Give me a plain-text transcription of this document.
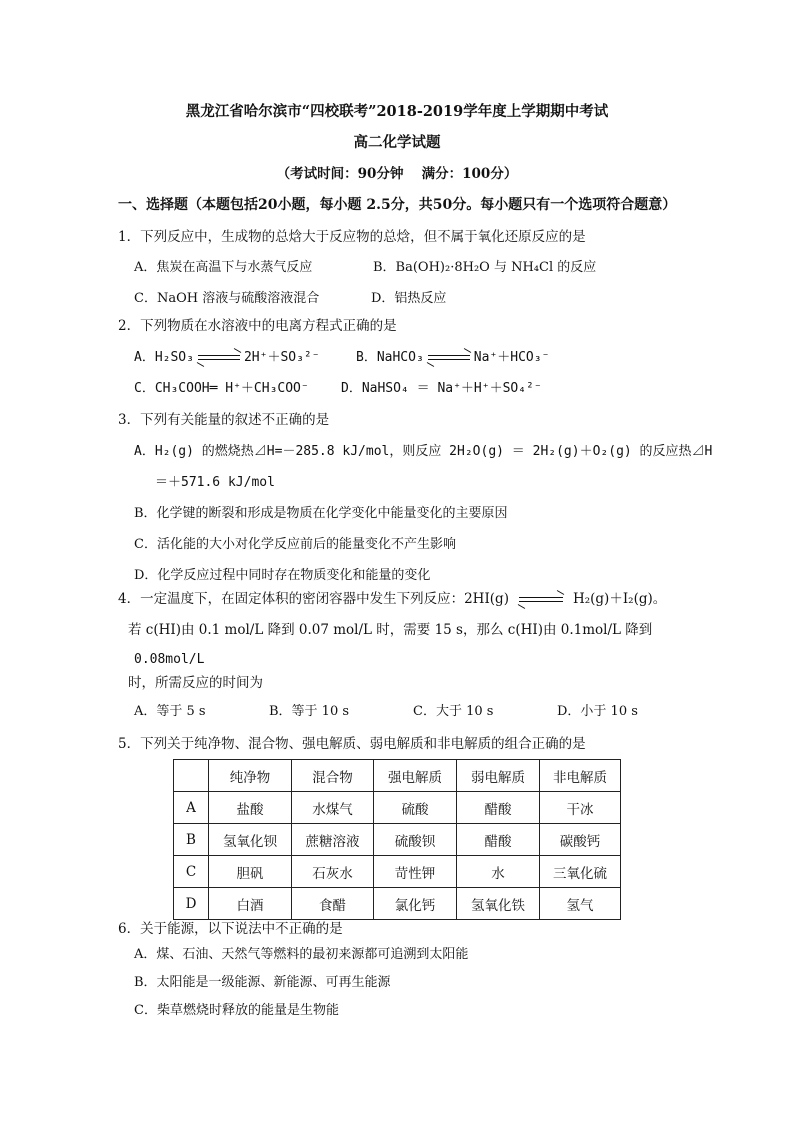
黑龙江省哈尔滨市“四校联考”2018-2019学年度上学期期中考试
高二化学试题
（考试时间：90分钟　 满分：100分）
一、选择题（本题包括20小题，每小题 2.5分，共50分。每小题只有一个选项符合题意）
1．下列反应中，生成物的总焓大于反应物的总焓，但不属于氧化还原反应的是
A．焦炭在高温下与水蒸气反应	B．Ba(OH)₂·8H₂O 与 NH₄Cl 的反应
C．NaOH 溶液与硫酸溶液混合	D．铝热反应
2．下列物质在水溶液中的电离方程式正确的是
A．H₂SO₃	2H⁺＋SO₃²⁻	B．NaHCO₃	Na⁺＋HCO₃⁻
C．CH₃COOH═ H⁺＋CH₃COO⁻ D．NaHSO₄ ＝ Na⁺＋H⁺＋SO₄²⁻
3．下列有关能量的叙述不正确的是
A．H₂(g) 的燃烧热⊿H=－285.8 kJ/mol，则反应 2H₂O(g) ＝ 2H₂(g)＋O₂(g) 的反应热⊿H
＝＋571.6 kJ/mol
B．化学键的断裂和形成是物质在化学变化中能量变化的主要原因
C．活化能的大小对化学反应前后的能量变化不产生影响
D．化学反应过程中同时存在物质变化和能量的变化
4．一定温度下，在固定体积的密闭容器中发生下列反应：2HI(g)	H₂(g)＋I₂(g)。
若 c(HI)由 0.1 mol/L 降到 0.07 mol/L 时，需要 15 s，那么 c(HI)由 0.1mol/L 降到
0.08mol/L
时，所需反应的时间为
A．等于 5 s	B．等于 10 s	C．大于 10 s	D．小于 10 s
5．下列关于纯净物、混合物、强电解质、弱电解质和非电解质的组合正确的是
	纯净物	混合物	强电解质	弱电解质	非电解质
A	盐酸	水煤气	硫酸	醋酸	干冰
B	氢氧化钡	蔗糖溶液	硫酸钡	醋酸	碳酸钙
C	胆矾	石灰水	苛性钾	水	三氧化硫
D	白酒	食醋	氯化钙	氢氧化铁	氢气
6．关于能源，以下说法中不正确的是
A．煤、石油、天然气等燃料的最初来源都可追溯到太阳能
B．太阳能是一级能源、新能源、可再生能源
C．柴草燃烧时释放的能量是生物能
